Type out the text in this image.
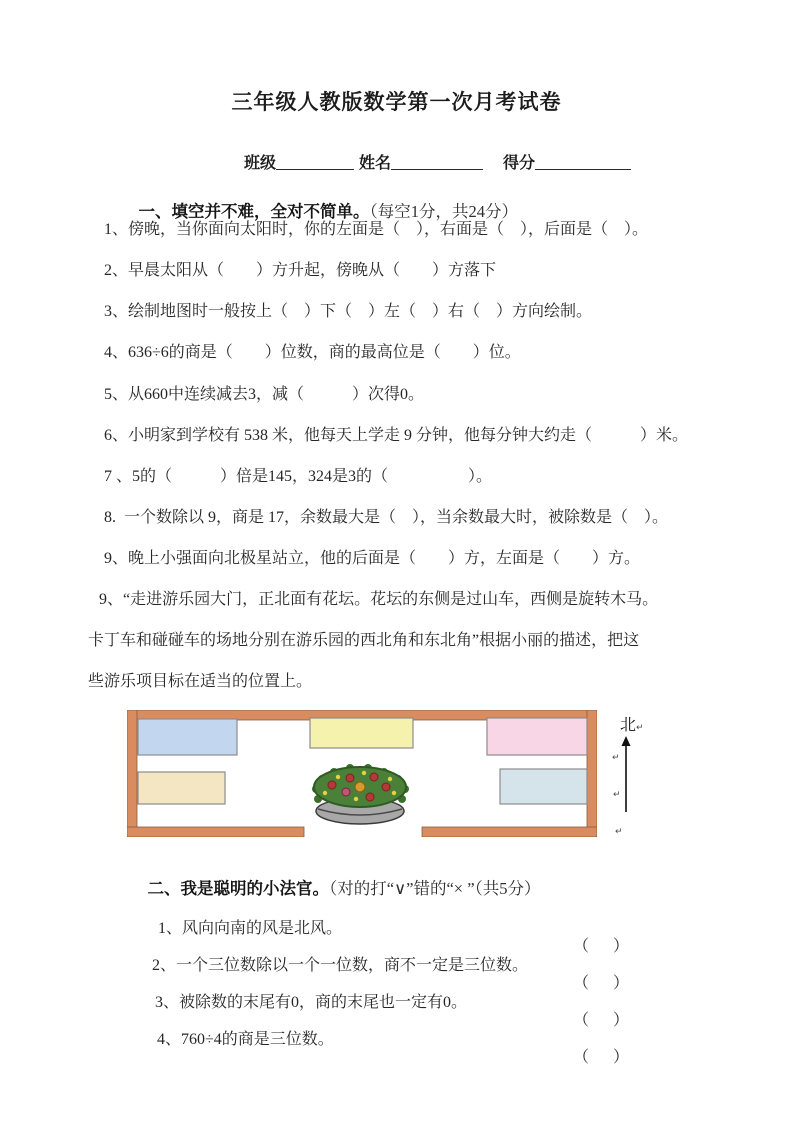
三年级人教版数学第一次月考试卷

班级	姓名	得分

一、填空并不难，全对不简单。（每空1分，共24分）

1、傍晚，当你面向太阳时，你的左面是（　），右面是（　），后面是（　）。
2、早晨太阳从（　　）方升起，傍晚从（　　）方落下
3、绘制地图时一般按上（　）下（　）左（　）右（　）方向绘制。
4、636÷6的商是（　　）位数，商的最高位是（　　）位。
5、从660中连续减去3，减（　　　）次得0。
6、小明家到学校有 538 米，他每天上学走 9 分钟，他每分钟大约走（　　　）米。
7 、5的（　　　）倍是145，324是3的（　　　　　）。
8.  一个数除以 9，商是 17，余数最大是（　），当余数最大时，被除数是（　）。
9、晚上小强面向北极星站立，他的后面是（　　）方，左面是（　　）方。
9、“走进游乐园大门，正北面有花坛。花坛的东侧是过山车，西侧是旋转木马。
卡丁车和碰碰车的场地分别在游乐园的西北角和东北角”根据小丽的描述，把这
些游乐项目标在适当的位置上。
北↵
↵
↵
↵

二、我是聪明的小法官。（对的打“∨”错的“× ”（共5分）

1、风向向南的风是北风。

（　）

2、一个三位数除以一个一位数，商不一定是三位数。

（　）

3、被除数的末尾有0，商的末尾也一定有0。

（　）

4、760÷4的商是三位数。

（　）
